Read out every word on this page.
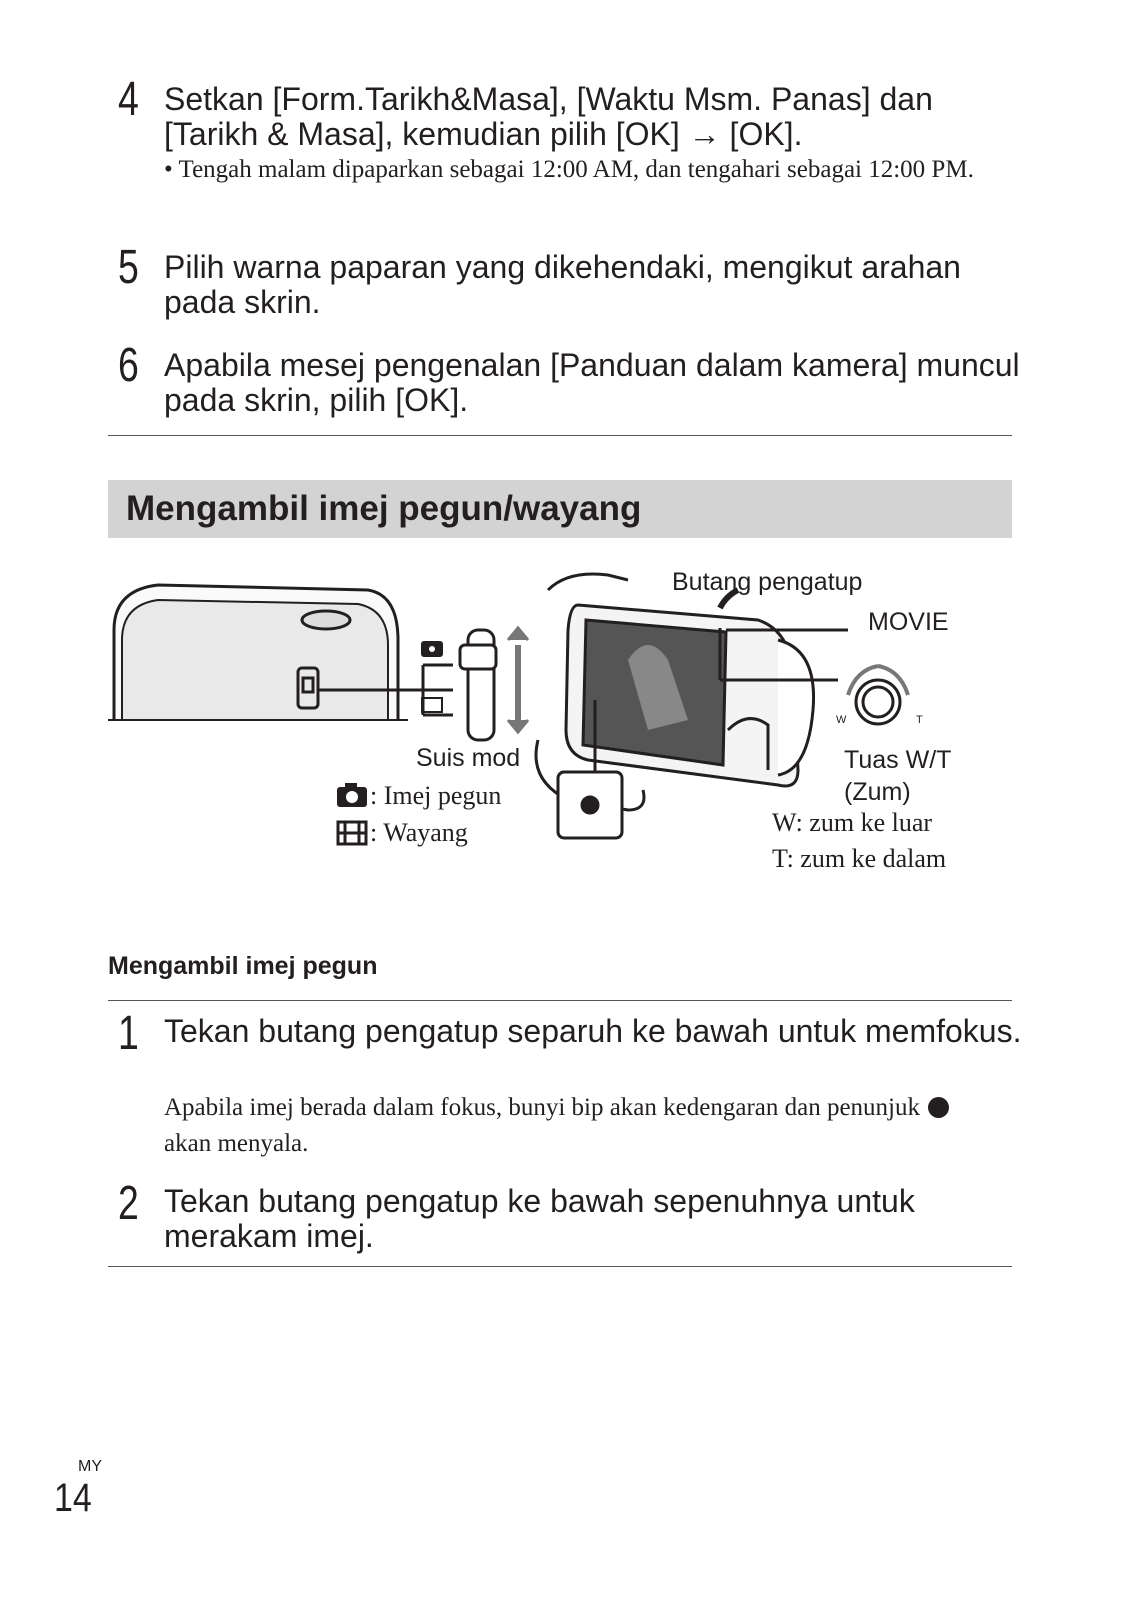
4 Setkan [Form.Tarikh&Masa], [Waktu Msm. Panas] dan [Tarikh & Masa], kemudian pilih [OK] → [OK].
• Tengah malam dipaparkan sebagai 12:00 AM, dan tengahari sebagai 12:00 PM.
5 Pilih warna paparan yang dikehendaki, mengikut arahan pada skrin.
6 Apabila mesej pengenalan [Panduan dalam kamera] muncul pada skrin, pilih [OK].
Mengambil imej pegun/wayang
W	T
Butang pengatup
MOVIE
Suis mod	Tuas W/T
(Zum)
: Imej pegun
: Wayang	W: zum ke luar
T: zum ke dalam
Mengambil imej pegun
1 Tekan butang pengatup separuh ke bawah untuk memfokus.
Apabila imej berada dalam fokus, bunyi bip akan kedengaran dan penunjuk  akan menyala.
2 Tekan butang pengatup ke bawah sepenuhnya untuk merakam imej.
MY
14
